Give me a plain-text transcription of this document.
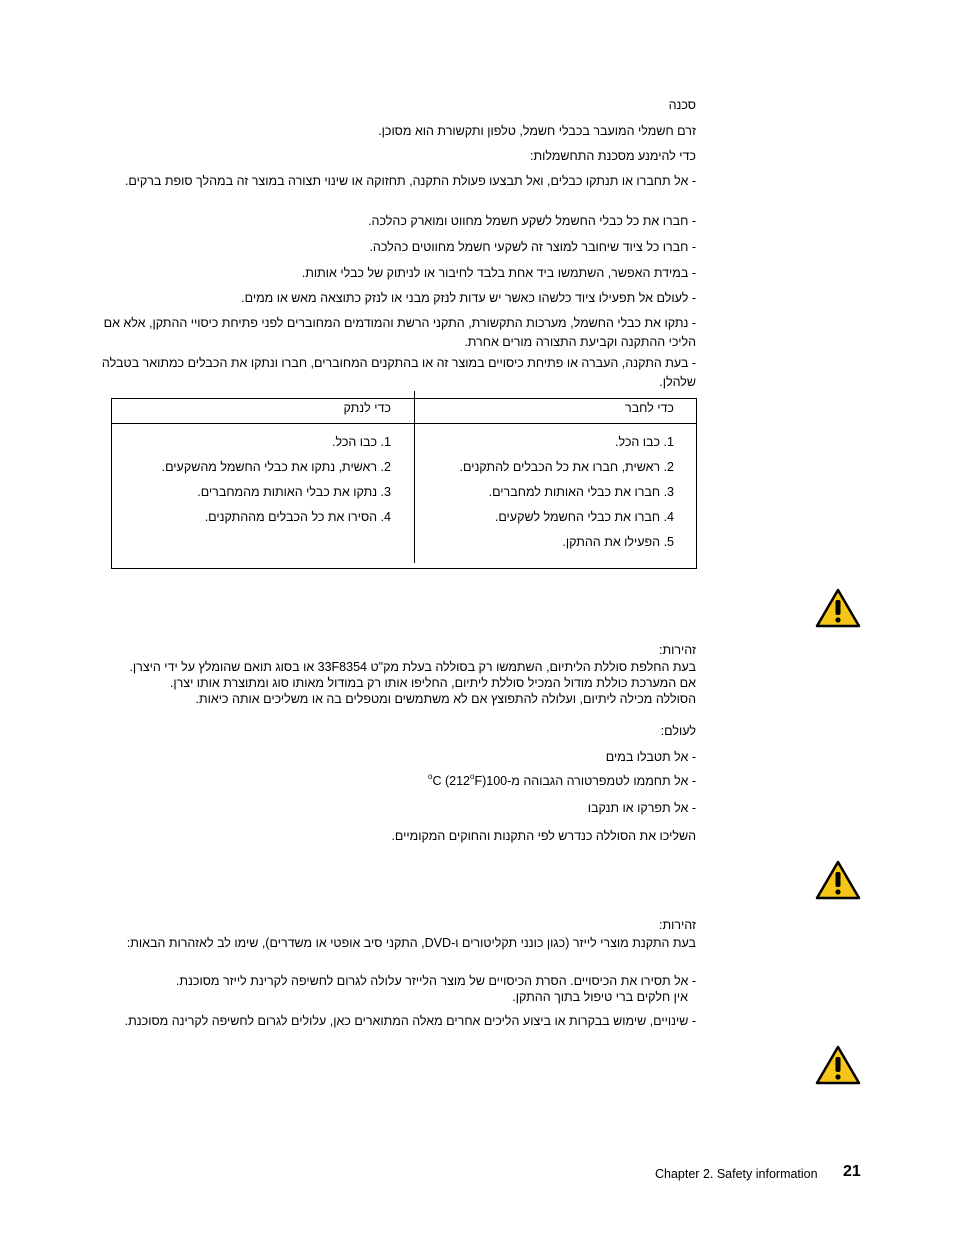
סכנה
זרם חשמלי המועבר בכבלי חשמל, טלפון ותקשורת הוא מסוכן.
כדי להימנע מסכנת התחשמלות:
- אל תחברו או תנתקו כבלים, ואל תבצעו פעולת התקנה, תחזוקה או שינוי תצורה במוצר זה במהלך סופת ברקים.
- חברו את כל כבלי החשמל לשקע חשמל מחווט ומוארק כהלכה.
- חברו כל ציוד שיחובר למוצר זה לשקעי חשמל מחווטים כהלכה.
- במידת האפשר, השתמשו ביד אחת בלבד לחיבור או לניתוק של כבלי אותות.
- לעולם אל תפעילו ציוד כלשהו כאשר יש עדות לנזק מבני או לנזק כתוצאה מאש או ממים.
- נתקו את כבלי החשמל, מערכות התקשורת, התקני הרשת והמודמים המחוברים לפני פתיחת כיסויי ההתקן, אלא אם הליכי ההתקנה וקביעת התצורה מורים אחרת.
- בעת התקנה, העברה או פתיחת כיסויים במוצר זה או בהתקנים המחוברים, חברו ונתקו את הכבלים כמתואר בטבלה שלהלן.
כדי לחבר
כדי לנתק
1. כבו הכל.
2. ראשית, חברו את כל הכבלים להתקנים.
3. חברו את כבלי האותות למחברים.
4. חברו את כבלי החשמל לשקעים.
5. הפעילו את ההתקן.
1. כבו הכל.
2. ראשית, נתקו את כבלי החשמל מהשקעים.
3. נתקו את כבלי האותות מהמחברים.
4. הסירו את כל הכבלים מההתקנים.
זהירות:
בעת החלפת סוללת הליתיום, השתמשו רק בסוללה בעלת מק"ט 33F8354 או בסוג תואם שהומלץ על ידי היצרן.
אם המערכת כוללת מודול המכיל סוללת ליתיום, החליפו אותו רק במודול מאותו סוג ומתוצרת אותו יצרן.
הסוללה מכילה ליתיום, ועלולה להתפוצץ אם לא משתמשים ומטפלים בה או משליכים אותה כיאות.
לעולם:
- אל תטבלו במים
- אל תחממו לטמפרטורה הגבוהה מ-100$^o$C (212$^o$F)
- אל תפרקו או תנקבו
השליכו את הסוללה כנדרש לפי התקנות והחוקים המקומיים.
זהירות:
בעת התקנת מוצרי לייזר (כגון כונני תקליטורים ו-DVD, התקני סיב אופטי או משדרים), שימו לב לאזהרות הבאות:
- אל תסירו את הכיסויים. הסרת הכיסויים של מוצר הלייזר עלולה לגרום לחשיפה לקרינת לייזר מסוכנת.
אין חלקים ברי טיפול בתוך ההתקן.
- שינויים, שימוש בבקרות או ביצוע הליכים אחרים מאלה המתוארים כאן, עלולים לגרום לחשיפה לקרינה מסוכנת.
Chapter 2. Safety information 21
